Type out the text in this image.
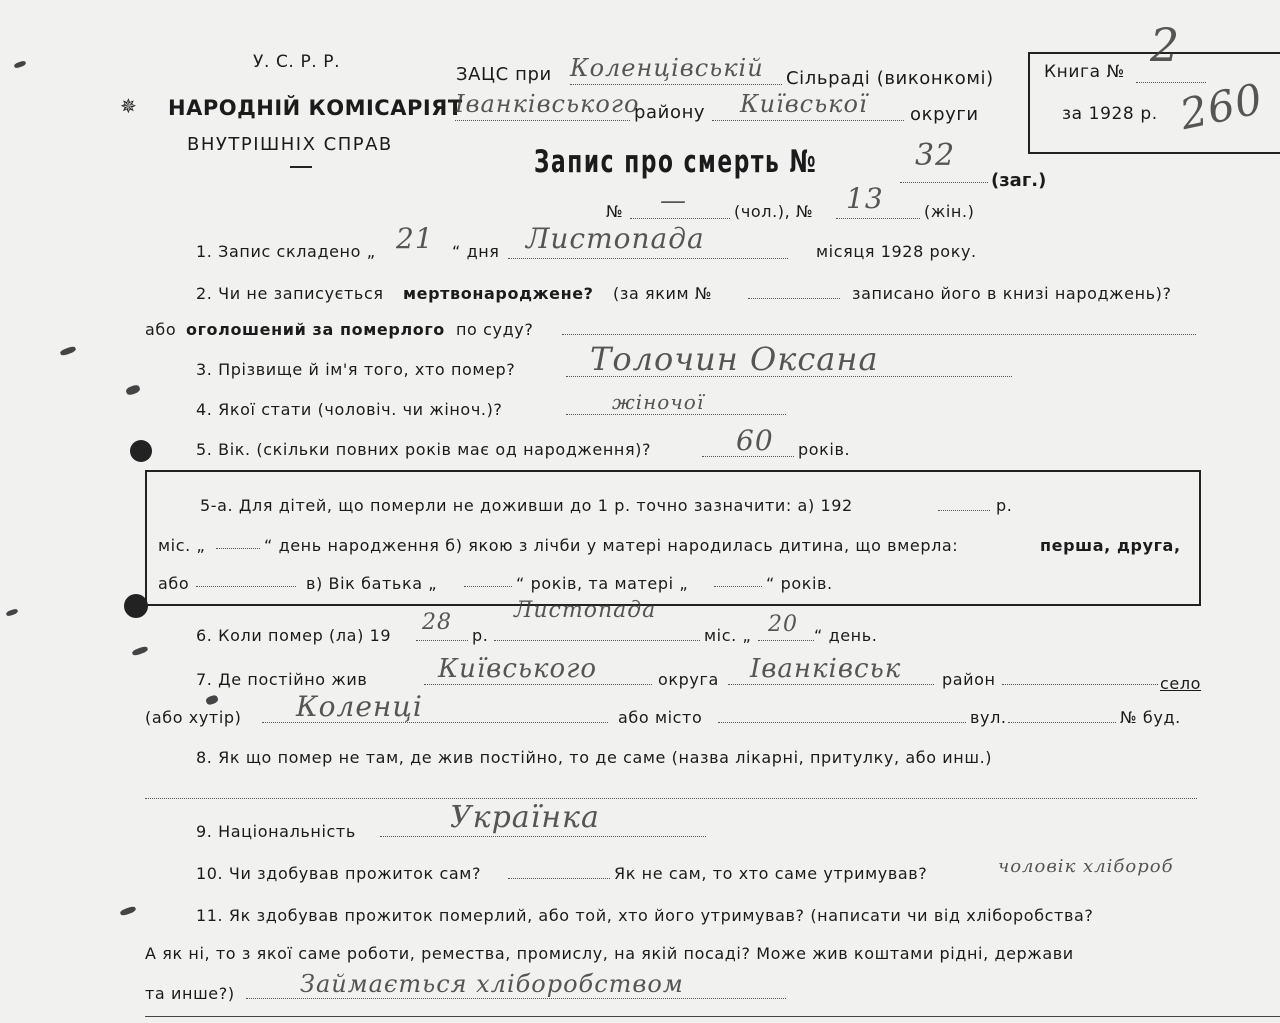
У. С. Р. Р.
✵ НАРОДНІЙ КОМІСАРІЯТ
ВНУТРІШНІХ СПРАВ
ЗАЦС при Коленцівській Сільраді (виконкомі)
Іванківського
району Київської округи
Книга № 2
за 1928 р. 260
Запис про смерть №	32
(заг.)
№ —	(чол.), № 13	(жін.)
1. Запис складено „ 21 “ дня Листопада	місяця 1928 року.
2. Чи не записується мертвонароджене? (за яким №	записано його в книзі народжень)?
або оголошений за померлого по суду?
3. Прізвище й ім'я того, хто помер? Толочин Оксана
4. Якої стати (чоловіч. чи жіноч.)?	жіночої
5. Вік. (скільки повних років має од народження)?	60 років.
5-а. Для дітей, що померли не доживши до 1 р. точно зазначити: а) 192	р.
міс. „	“ день народження б) якою з лічби у матері народилась дитина, що вмерла:	перша, друга,
або	в) Вік батька „	“ років, та матері „	“ років.
6. Коли помер (ла) 19
28
р.
Листопада
міс. „ 20 “ день.
7. Де постійно жив	Київського	округа Іванківськ	район	село
(або хутір) Коленці	або місто	вул.	№ буд.
8. Як що помер не там, де жив постійно, то де саме (назва лікарні, притулку, або инш.)
9. Національність	Українка
10. Чи здобував прожиток сам?	Як не сам, то хто саме утримував?	чоловік хлібороб
11. Як здобував прожиток померлий, або той, хто його утримував? (написати чи від хліборобства?
А як ні, то з якої саме роботи, ремества, промислу, на якій посаді? Може жив коштами рідні, держави
та инше?)	Займається хліборобством
